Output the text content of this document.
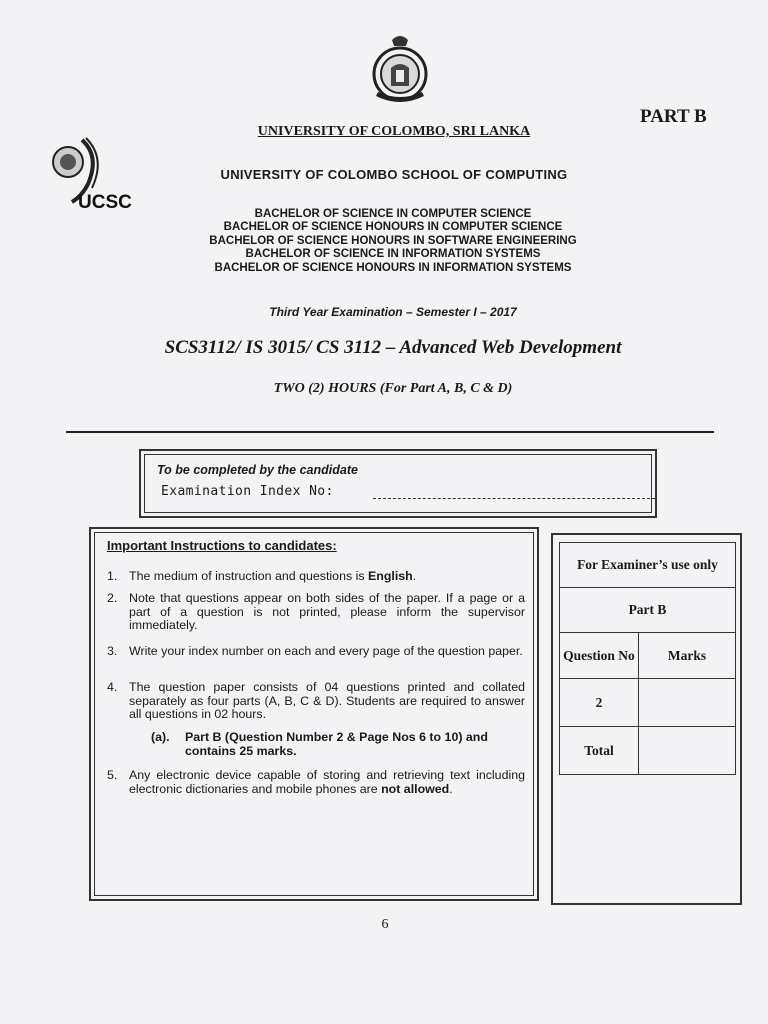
UCSC
PART B
UNIVERSITY OF COLOMBO, SRI LANKA
UNIVERSITY OF COLOMBO SCHOOL OF COMPUTING
BACHELOR OF SCIENCE IN COMPUTER SCIENCE
BACHELOR OF SCIENCE HONOURS IN COMPUTER SCIENCE
BACHELOR OF SCIENCE HONOURS IN SOFTWARE ENGINEERING
BACHELOR OF SCIENCE IN INFORMATION SYSTEMS
BACHELOR OF SCIENCE HONOURS IN INFORMATION SYSTEMS
Third Year Examination – Semester I – 2017
SCS3112/ IS 3015/ CS 3112 – Advanced Web Development
TWO (2) HOURS (For Part A, B, C & D)
To be completed by the candidate
Examination Index No:
Important Instructions to candidates:
1. The medium of instruction and questions is English.
2. Note that questions appear on both sides of the paper. If a page or a part of a question is not printed, please inform the supervisor immediately.
3. Write your index number on each and every page of the question paper.
4. The question paper consists of 04 questions printed and collated separately as four parts (A, B, C & D). Students are required to answer all questions in 02 hours.
(a). Part B (Question Number 2 & Page Nos 6 to 10) and contains 25 marks.
5. Any electronic device capable of storing and retrieving text including electronic dictionaries and mobile phones are not allowed.
For Examiner’s use only	
Part B	
Question No	Marks
2	
Total	
6
